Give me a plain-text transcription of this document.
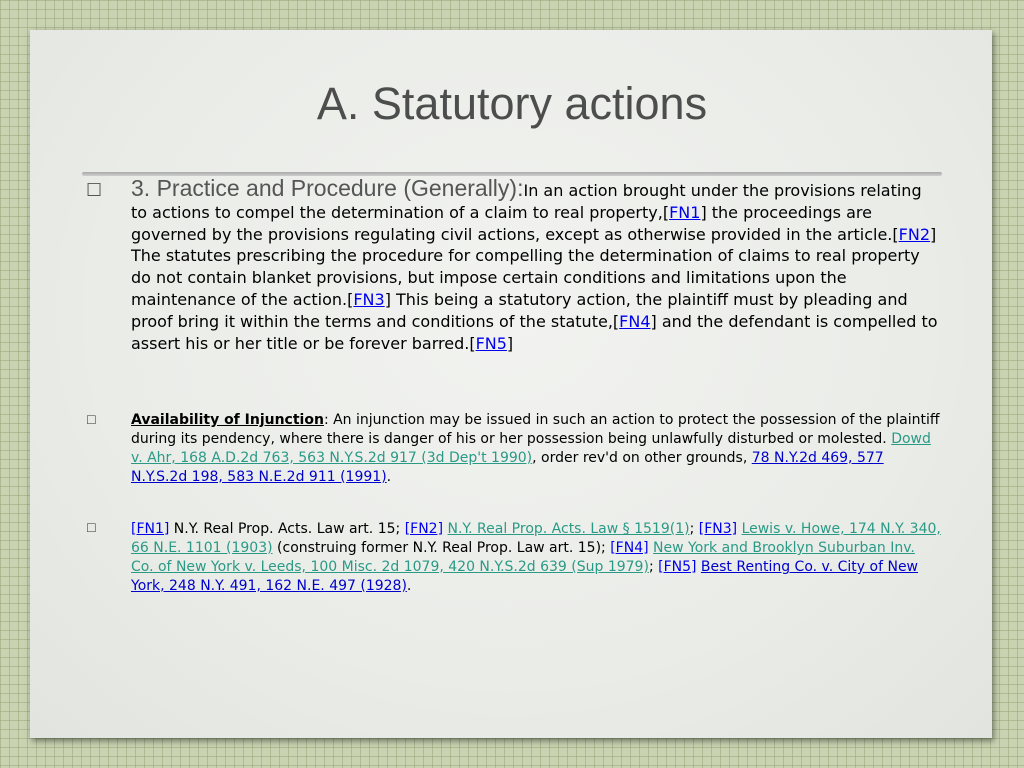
A. Statutory actions
☐ 3. Practice and Procedure (Generally):In an action brought under the provisions relating to actions to compel the determination of a claim to real property,[FN1] the proceedings are governed by the provisions regulating civil actions, except as otherwise provided in the article.[FN2] The statutes prescribing the procedure for compelling the determination of claims to real property do not contain blanket provisions, but impose certain conditions and limitations upon the maintenance of the action.[FN3] This being a statutory action, the plaintiff must by pleading and proof bring it within the terms and conditions of the statute,[FN4] and the defendant is compelled to assert his or her title or be forever barred.[FN5]
☐ Availability of Injunction: An injunction may be issued in such an action to protect the possession of the plaintiff during its pendency, where there is danger of his or her possession being unlawfully disturbed or molested. Dowd v. Ahr, 168 A.D.2d 763, 563 N.Y.S.2d 917 (3d Dep't 1990), order rev'd on other grounds, 78 N.Y.2d 469, 577 N.Y.S.2d 198, 583 N.E.2d 911 (1991).
☐ [FN1] N.Y. Real Prop. Acts. Law art. 15; [FN2] N.Y. Real Prop. Acts. Law § 1519(1); [FN3] Lewis v. Howe, 174 N.Y. 340, 66 N.E. 1101 (1903) (construing former N.Y. Real Prop. Law art. 15); [FN4] New York and Brooklyn Suburban Inv. Co. of New York v. Leeds, 100 Misc. 2d 1079, 420 N.Y.S.2d 639 (Sup 1979); [FN5] Best Renting Co. v. City of New York, 248 N.Y. 491, 162 N.E. 497 (1928).
